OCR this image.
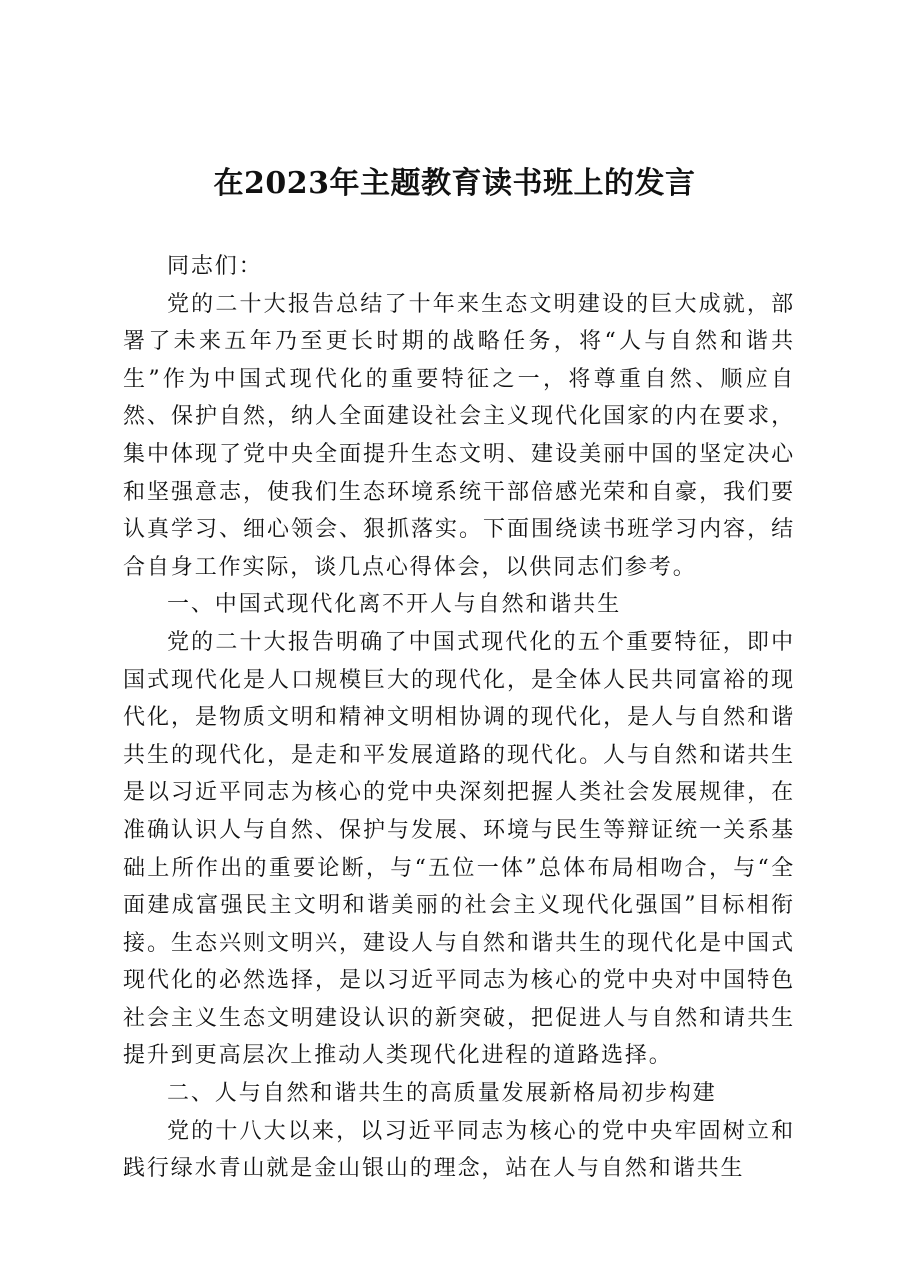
在2023年主题教育读书班上的发言

同志们：

党的二十大报告总结了十年来生态文明建设的巨大成就，部署了未来五年乃至更长时期的战略任务，将“人与自然和谐共生”作为中国式现代化的重要特征之一，将尊重自然、顺应自然、保护自然，纳人全面建设社会主义现代化国家的内在要求，集中体现了党中央全面提升生态文明、建设美丽中国的坚定决心和坚强意志，使我们生态环境系统干部倍感光荣和自豪，我们要认真学习、细心领会、狠抓落实。下面围绕读书班学习内容，结合自身工作实际，谈几点心得体会，以供同志们参考。

一、中国式现代化离不开人与自然和谐共生

党的二十大报告明确了中国式现代化的五个重要特征，即中国式现代化是人口规模巨大的现代化，是全体人民共同富裕的现代化，是物质文明和精神文明相协调的现代化，是人与自然和谐共生的现代化，是走和平发展道路的现代化。人与自然和诺共生是以习近平同志为核心的党中央深刻把握人类社会发展规律，在准确认识人与自然、保护与发展、环境与民生等辩证统一关系基础上所作出的重要论断，与“五位一体”总体布局相吻合，与“全面建成富强民主文明和谐美丽的社会主义现代化强国”目标相衔接。生态兴则文明兴，建设人与自然和谐共生的现代化是中国式现代化的必然选择，是以习近平同志为核心的党中央对中国特色社会主义生态文明建设认识的新突破，把促进人与自然和请共生提升到更高层次上推动人类现代化进程的道路选择。

二、人与自然和谐共生的高质量发展新格局初步构建

党的十八大以来，以习近平同志为核心的党中央牢固树立和践行绿水青山就是金山银山的理念，站在人与自然和谐共生
